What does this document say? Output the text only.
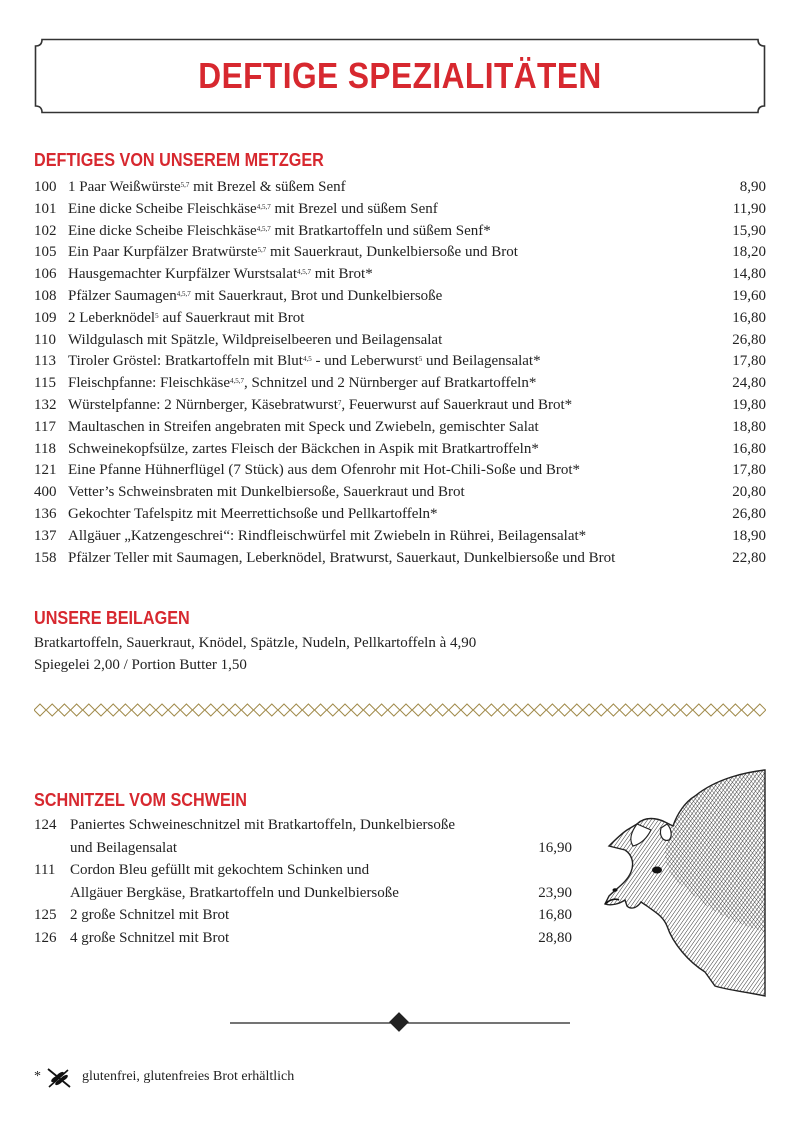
DEFTIGE SPEZIALITÄTEN
DEFTIGES VON UNSEREM METZGER
100 1 Paar Weißwürste$^{5,7}$ mit Brezel & süßem Senf	8,90
101 Eine dicke Scheibe Fleischkäse$^{4,5,7}$ mit Brezel und süßem Senf	11,90
102 Eine dicke Scheibe Fleischkäse$^{4,5,7}$ mit Bratkartoffeln und süßem Senf*	15,90
105 Ein Paar Kurpfälzer Bratwürste$^{5,7}$ mit Sauerkraut, Dunkelbiersoße und Brot	18,20
106 Hausgemachter Kurpfälzer Wurstsalat$^{4,5,7}$ mit Brot*	14,80
108 Pfälzer Saumagen$^{4,5,7}$ mit Sauerkraut, Brot und Dunkelbiersoße	19,60
109 2 Leberknödel$^5$ auf Sauerkraut mit Brot	16,80
110 Wildgulasch mit Spätzle, Wildpreiselbeeren und Beilagensalat	26,80
113 Tiroler Gröstel: Bratkartoffeln mit Blut$^{4,5}$ - und Leberwurst$^5$ und Beilagensalat*	17,80
115 Fleischpfanne: Fleischkäse$^{4,5,7}$, Schnitzel und 2 Nürnberger auf Bratkartoffeln*	24,80
132 Würstelpfanne: 2 Nürnberger, Käsebratwurst$^7$, Feuerwurst auf Sauerkraut und Brot*	19,80
117 Maultaschen in Streifen angebraten mit Speck und Zwiebeln, gemischter Salat	18,80
118 Schweinekopfsülze, zartes Fleisch der Bäckchen in Aspik mit Bratkartroffeln*	16,80
121 Eine Pfanne Hühnerflügel (7 Stück) aus dem Ofenrohr mit Hot-Chili-Soße und Brot*	17,80
400 Vetter’s Schweinsbraten mit Dunkelbiersoße, Sauerkraut und Brot	20,80
136 Gekochter Tafelspitz mit Meerrettichsoße und Pellkartoffeln*	26,80
137 Allgäuer „Katzengeschrei“: Rindfleischwürfel mit Zwiebeln in Rührei, Beilagensalat*	18,90
158 Pfälzer Teller mit Saumagen, Leberknödel, Bratwurst, Sauerkaut, Dunkelbiersoße und Brot	22,80
UNSERE BEILAGEN
Bratkartoffeln, Sauerkraut, Knödel, Spätzle, Nudeln, Pellkartoffeln à 4,90
Spiegelei 2,00 / Portion Butter 1,50
SCHNITZEL VOM SCHWEIN
124 Paniertes Schweineschnitzel mit Bratkartoffeln, Dunkelbiersoße
und Beilagensalat	16,90
111 Cordon Bleu gefüllt mit gekochtem Schinken und
Allgäuer Bergkäse, Bratkartoffeln und Dunkelbiersoße	23,90
125 2 große Schnitzel mit Brot	16,80
126 4 große Schnitzel mit Brot	28,80
*	glutenfrei, glutenfreies Brot erhältlich
